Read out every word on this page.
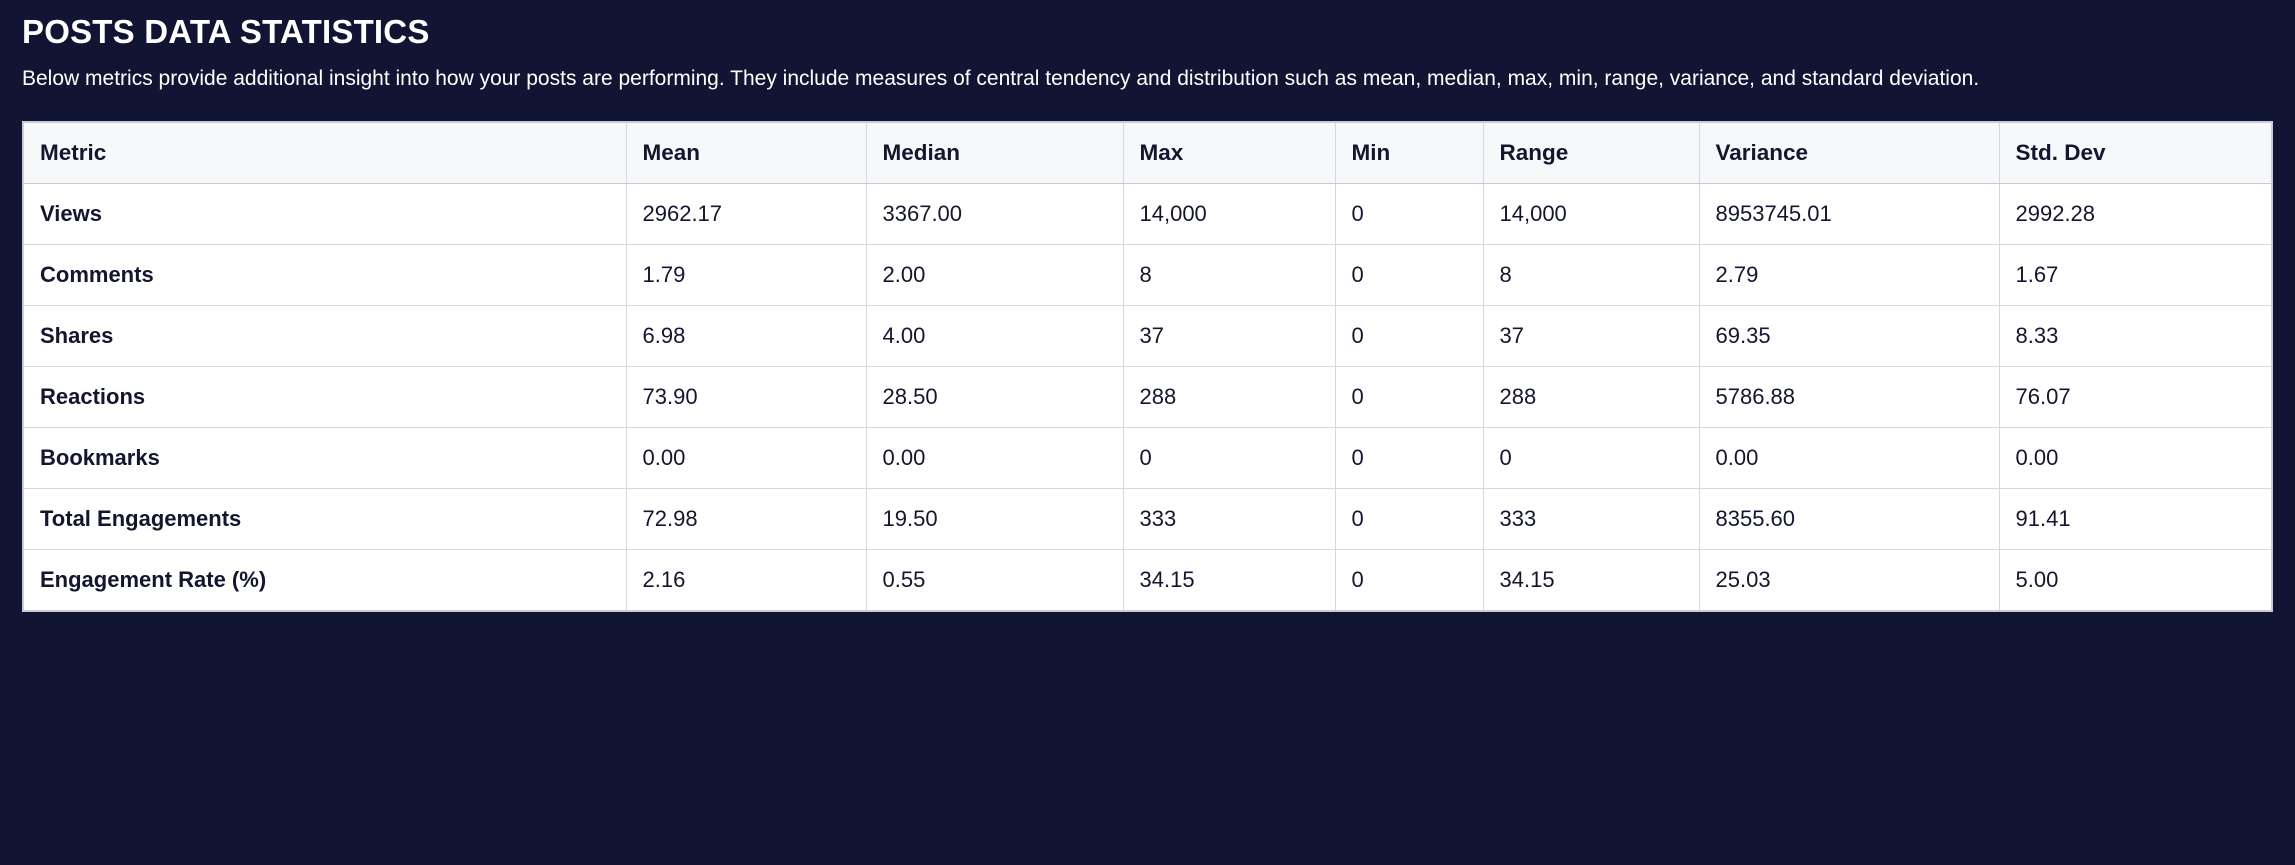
POSTS DATA STATISTICS

Below metrics provide additional insight into how your posts are performing. They include measures of central tendency and distribution such as mean, median, max, min, range, variance, and standard deviation.

Metric	Mean	Median	Max	Min	Range	Variance	Std. Dev
Views	2962.17	3367.00	14,000	0	14,000	8953745.01	2992.28
Comments	1.79	2.00	8	0	8	2.79	1.67
Shares	6.98	4.00	37	0	37	69.35	8.33
Reactions	73.90	28.50	288	0	288	5786.88	76.07
Bookmarks	0.00	0.00	0	0	0	0.00	0.00
Total Engagements	72.98	19.50	333	0	333	8355.60	91.41
Engagement Rate (%)	2.16	0.55	34.15	0	34.15	25.03	5.00
